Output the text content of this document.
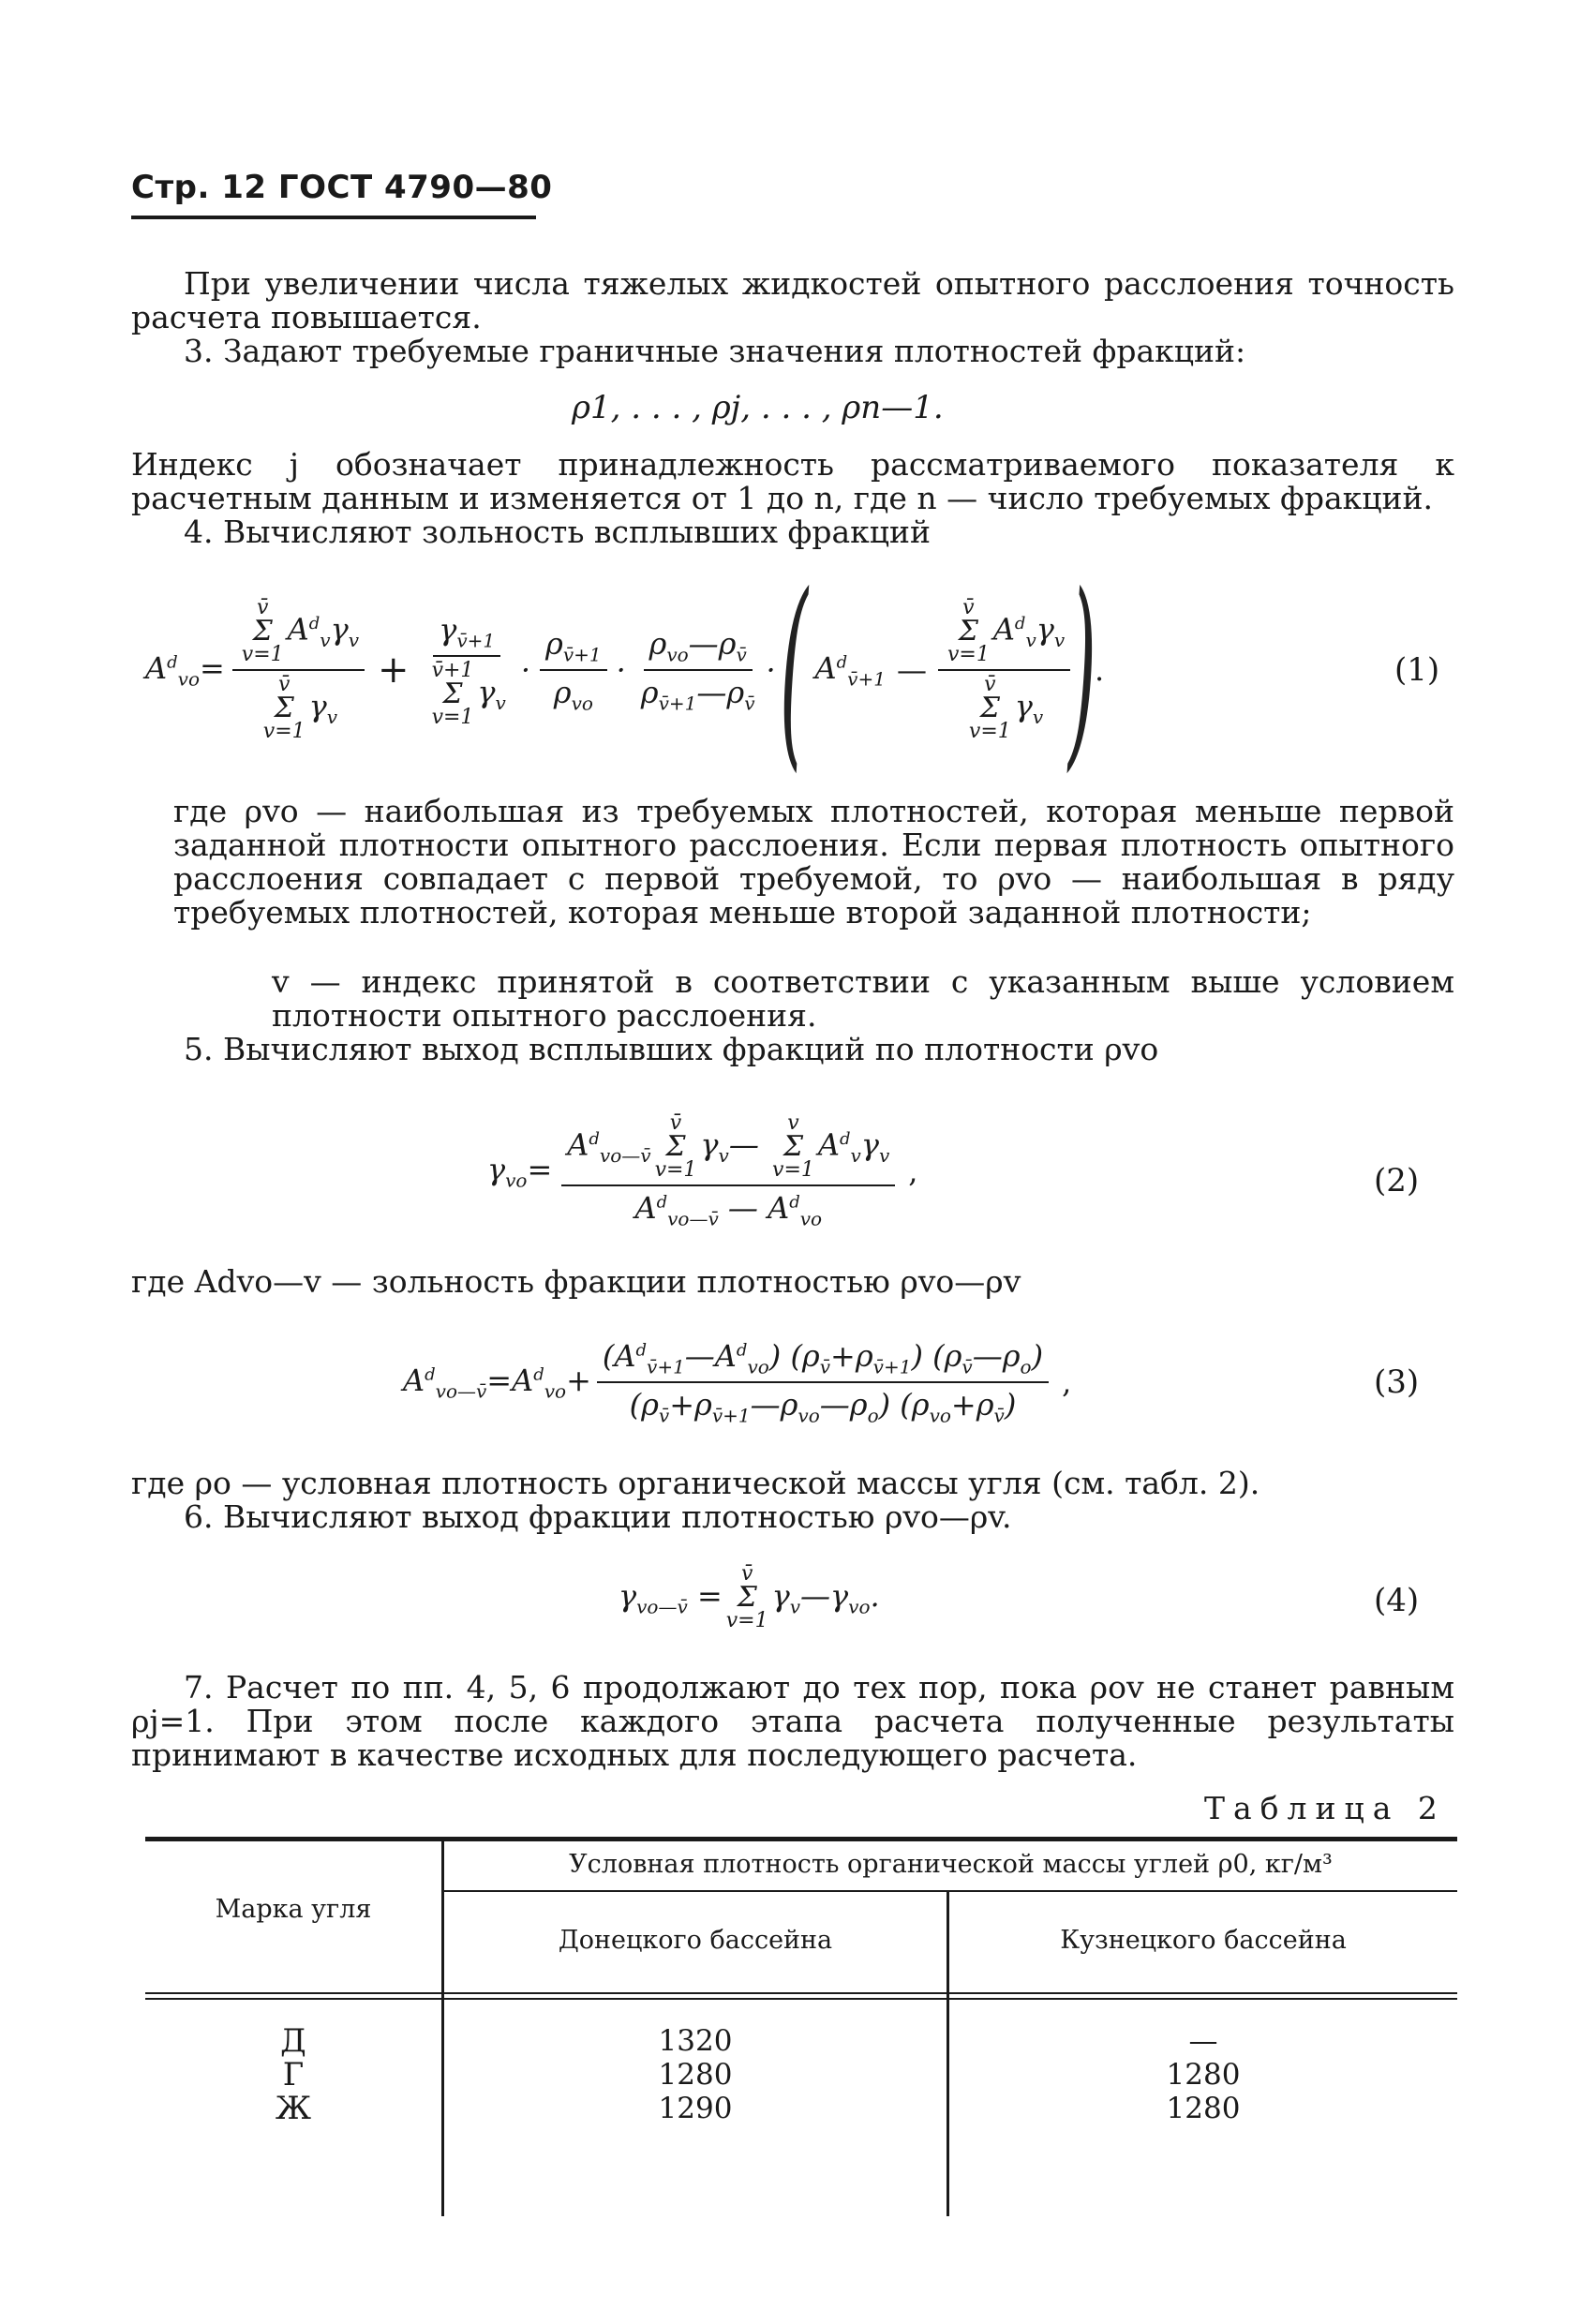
Стр. 12 ГОСТ 4790—80

При увеличении числа тяжелых жидкостей опытного расслоения точность расчета повышается.

3. Задают требуемые граничные значения плотностей фракций:

ρ1, . . . , ρj, . . . , ρn—1.

Индекс j обозначает принадлежность рассматриваемого показателя к расчетным данным и изменяется от 1 до n, где n — число требуемых фракций.

4. Вычисляют зольность всплывших фракций

$A^d_{vo}=$ v̄
Σ
v=1
$A^d_v\gamma_v$
v̄
Σ
v=1
$\gamma_v + \gamma_{v̄+1}$
v̄+1
Σ
v=1
$\gamma_v \cdot \frac{\rho_{v̄+1}}{\rho_{vo}} \cdot \frac{\rho_{vo}—\rho_{v̄}}{\rho_{v̄+1}—\rho_{v̄}}$ · ( $A^d_{v̄+1}$ — v̄
Σ
v=1
$A^d_v\gamma_v$
v̄
Σ
v=1
$\gamma_v$
)
.	(1)

где ρvo — наибольшая из требуемых плотностей, которая меньше первой заданной плотности опытного расслоения. Если первая плотность опытного расслоения совпадает с первой требуемой, то ρvo — наибольшая в ряду требуемых плотностей, которая меньше второй заданной плотности;

v — индекс принятой в соответствии с указанным выше условием плотности опытного расслоения.

5. Вычисляют выход всплывших фракций по плотности ρvo

$\gamma_{vo}= A^d_{vo—v̄}$
v̄
Σ
v=1
$\gamma_v—$
v
Σ
v=1
$A^d_v\gamma_v$
$A^d_{vo—v̄}$ — $A^d_{vo}$ ,	(2)

где Advo—v — зольность фракции плотностью ρvo—ρv

$A^d_{vo—v̄}=A^d_{vo}+ \frac{(A^d_{v̄+1}—A^d_{vo}) (\rho_{v̄}+\rho_{v̄+1}) (\rho_{v̄}—\rho_o)}{(\rho_{v̄}+\rho_{v̄+1}—\rho_{vo}—\rho_o) (\rho_{vo}+\rho_{v̄})}$ ,	(3)

где ρo — условная плотность органической массы угля (см. табл. 2).

6. Вычисляют выход фракции плотностью ρvo—ρv.

$\gamma_{vo—v̄}$ =
v̄
Σ
v=1
$\gamma_v—\gamma_{vo}$.	(4)

7. Расчет по пп. 4, 5, 6 продолжают до тех пор, пока ρov не станет равным ρj=1. При этом после каждого этапа расчета полученные результаты принимают в качестве исходных для последующего расчета.

Таблица 2
Марка угля
Условная плотность органической массы углей ρ0, кг/м³
Донецкого бассейна	Кузнецкого бассейна
Д	1320	—
Г	1280	1280
Ж	1290	1280
